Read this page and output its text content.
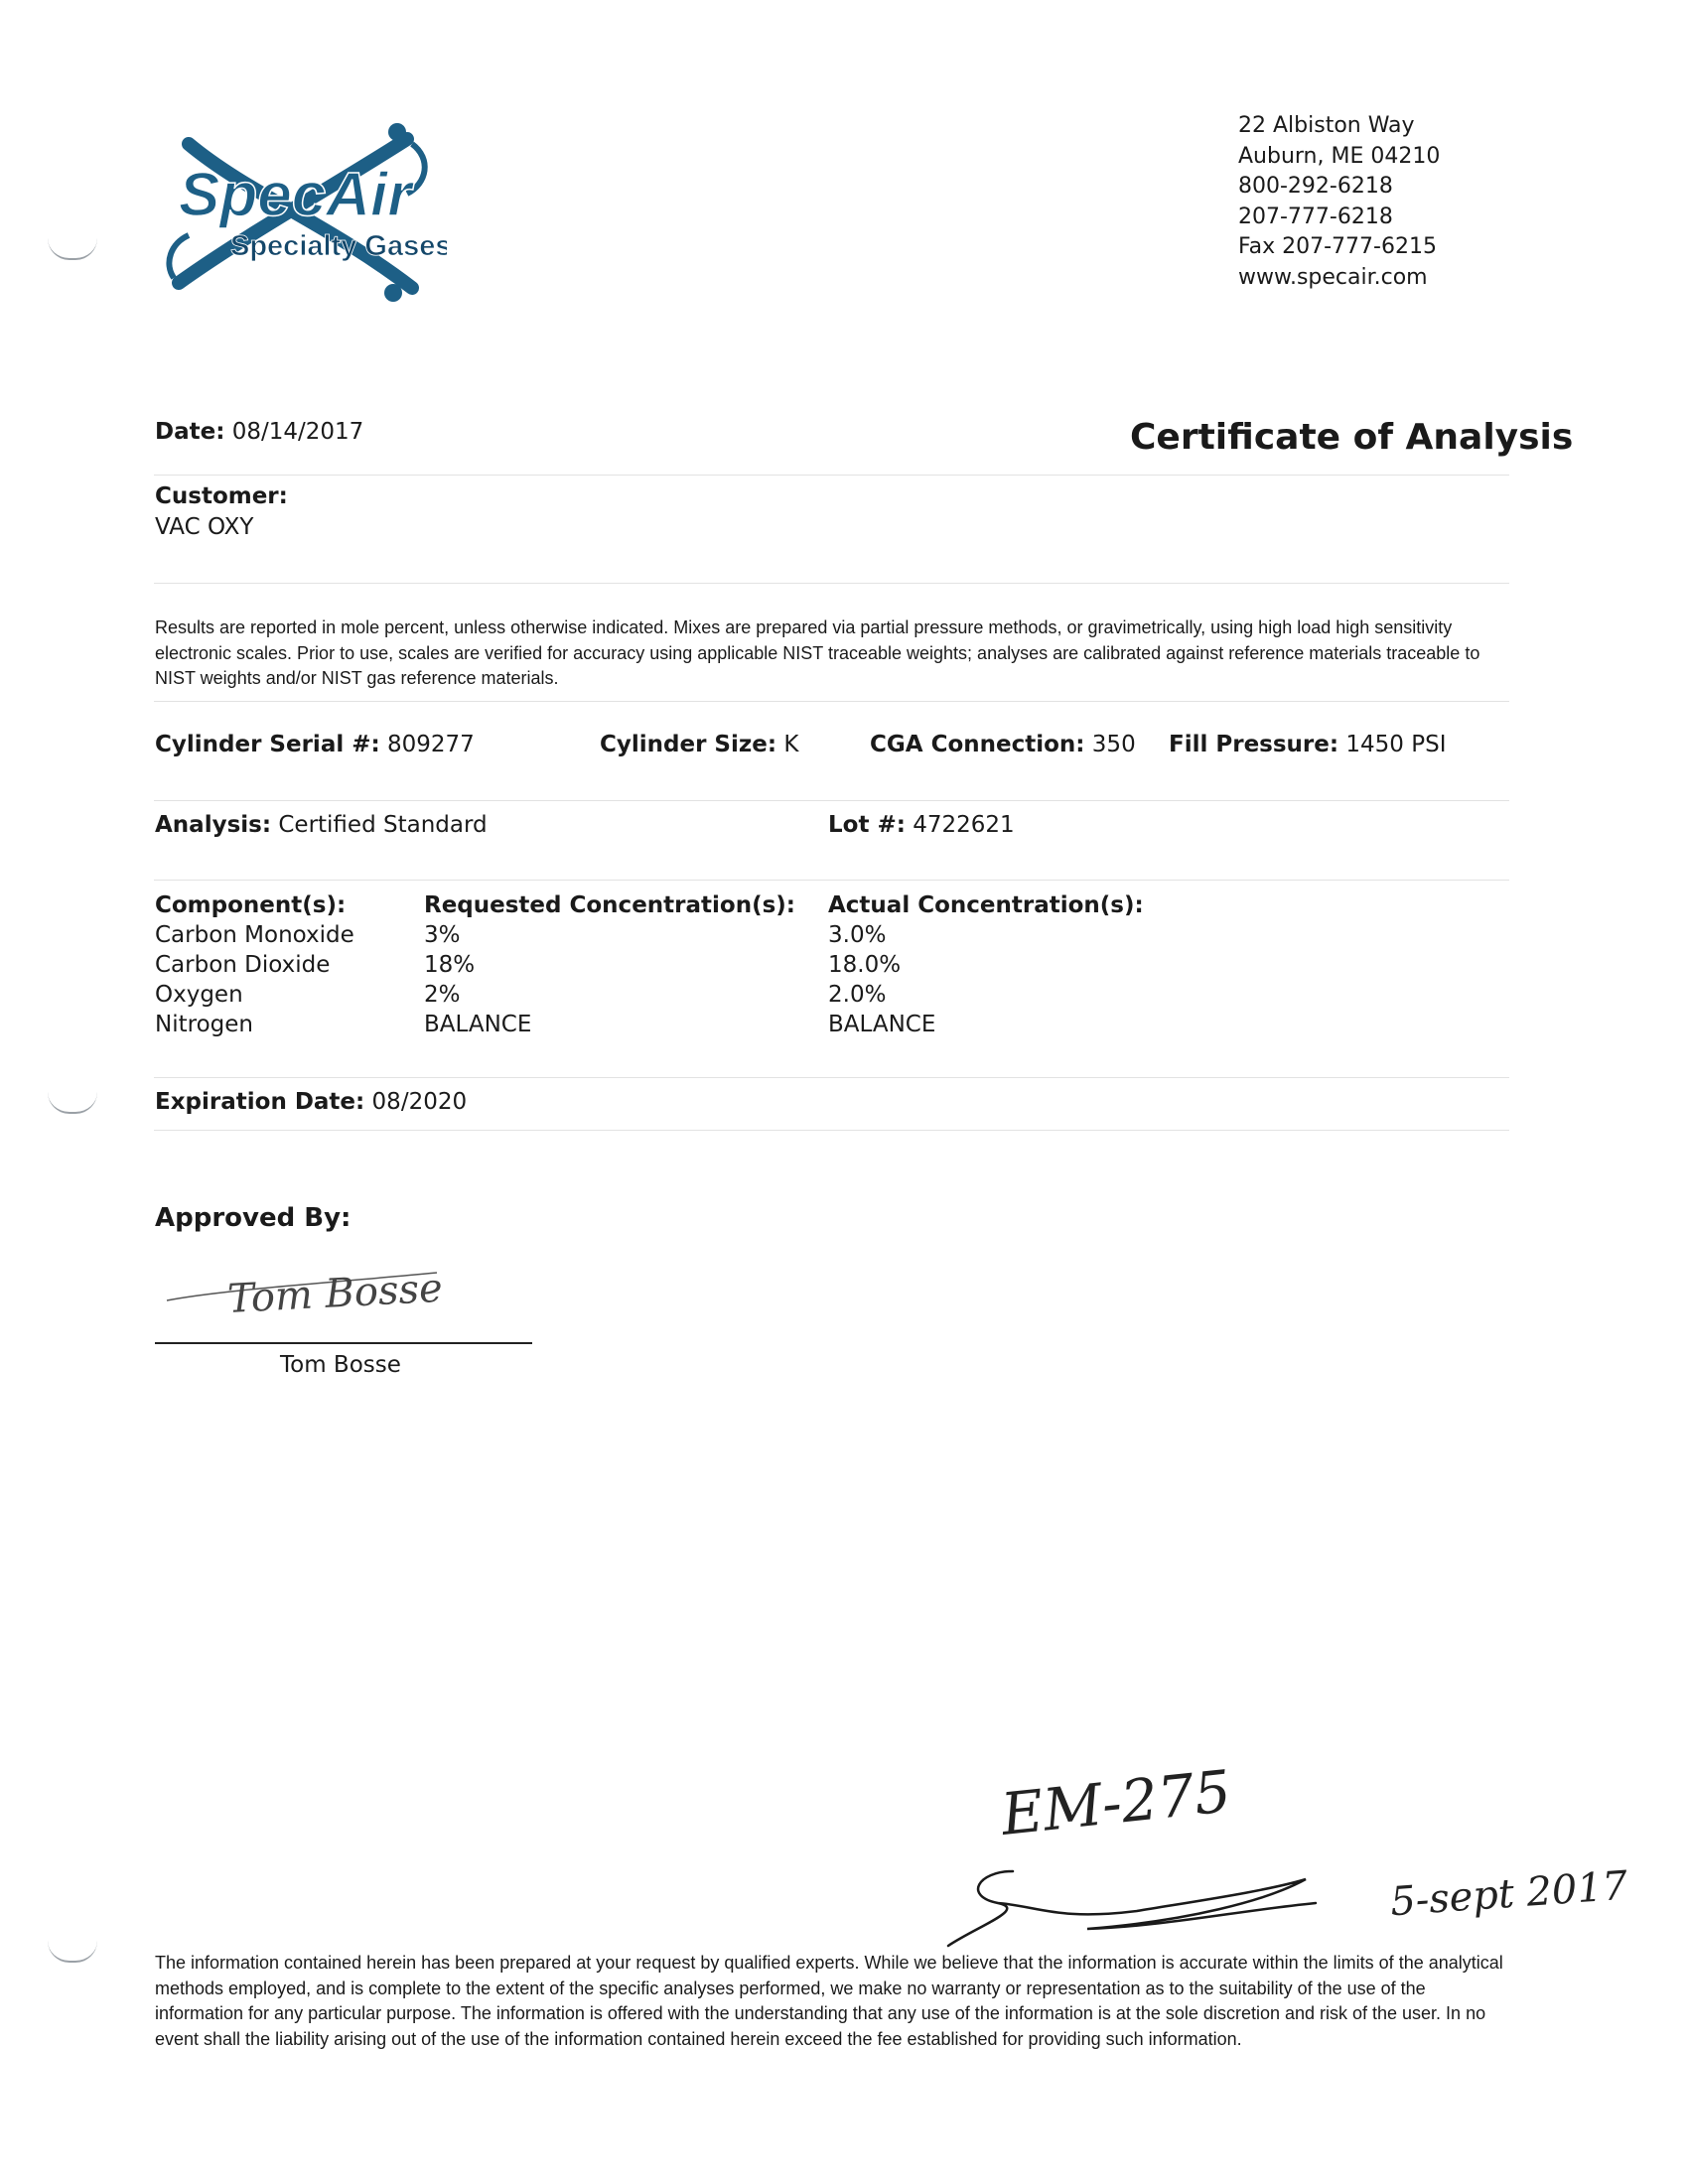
SpecAir
Specialty Gases
22 Albiston Way
Auburn, ME 04210
800-292-6218
207-777-6218
Fax 207-777-6215
www.specair.com
Date: 08/14/2017	Certificate of Analysis
Customer:
VAC OXY
Results are reported in mole percent, unless otherwise indicated. Mixes are prepared via partial pressure methods, or gravimetrically, using high load high sensitivity electronic scales. Prior to use, scales are verified for accuracy using applicable NIST traceable weights; analyses are calibrated against reference materials traceable to NIST weights and/or NIST gas reference materials.
Cylinder Serial #: 809277	Cylinder Size: K	CGA Connection: 350 Fill Pressure: 1450 PSI
Analysis: Certified Standard	Lot #: 4722621
Component(s):	Requested Concentration(s): Actual Concentration(s):
Carbon Monoxide	3%	3.0%
Carbon Dioxide	18%	18.0%
Oxygen	2%	2.0%
Nitrogen	BALANCE	BALANCE
Expiration Date: 08/2020
Approved By:
Tom Bosse
Tom Bosse
EM-275
5-sept 2017
The information contained herein has been prepared at your request by qualified experts. While we believe that the information is accurate within the limits of the analytical methods employed, and is complete to the extent of the specific analyses performed, we make no warranty or representation as to the suitability of the use of the information for any particular purpose. The information is offered with the understanding that any use of the information is at the sole discretion and risk of the user. In no event shall the liability arising out of the use of the information contained herein exceed the fee established for providing such information.
